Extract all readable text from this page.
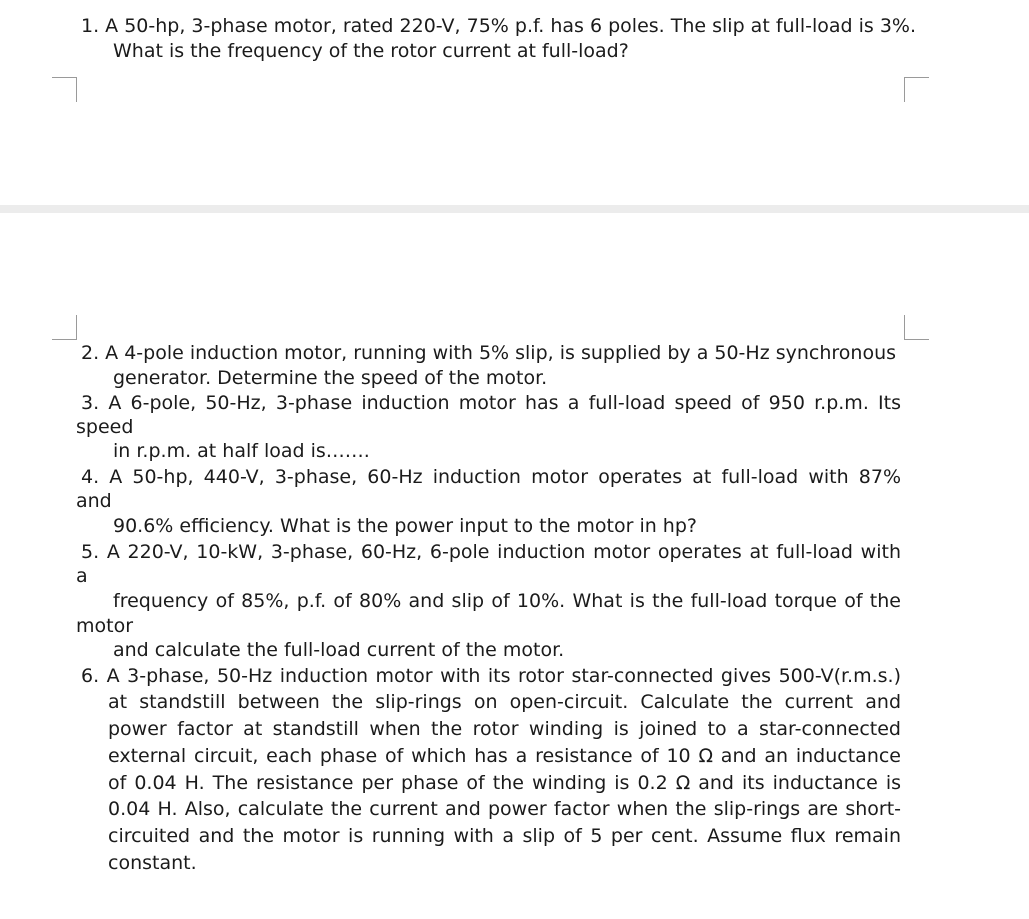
1. A 50-hp, 3-phase motor, rated 220-V, 75% p.f. has 6 poles. The slip at full-load is 3%.
What is the frequency of the rotor current at full-load?
2. A 4-pole induction motor, running with 5% slip, is supplied by a 50-Hz synchronous
generator. Determine the speed of the motor.
3. A 6-pole, 50-Hz, 3-phase induction motor has a full-load speed of 950 r.p.m. Its
speed
in r.p.m. at half load is…….
4. A 50-hp, 440-V, 3-phase, 60-Hz induction motor operates at full-load with 87%
and
90.6% efficiency. What is the power input to the motor in hp?
5. A 220-V, 10-kW, 3-phase, 60-Hz, 6-pole induction motor operates at full-load with
a
frequency of 85%, p.f. of 80% and slip of 10%. What is the full-load torque of the
motor
and calculate the full-load current of the motor.
6. A 3-phase, 50-Hz induction motor with its rotor star-connected gives 500-V(r.m.s.)
at standstill between the slip-rings on open-circuit. Calculate the current and
power factor at standstill when the rotor winding is joined to a star-connected
external circuit, each phase of which has a resistance of 10 Ω and an inductance
of 0.04 H. The resistance per phase of the winding is 0.2 Ω and its inductance is
0.04 H. Also, calculate the current and power factor when the slip-rings are short-
circuited and the motor is running with a slip of 5 per cent. Assume flux remain
constant.
